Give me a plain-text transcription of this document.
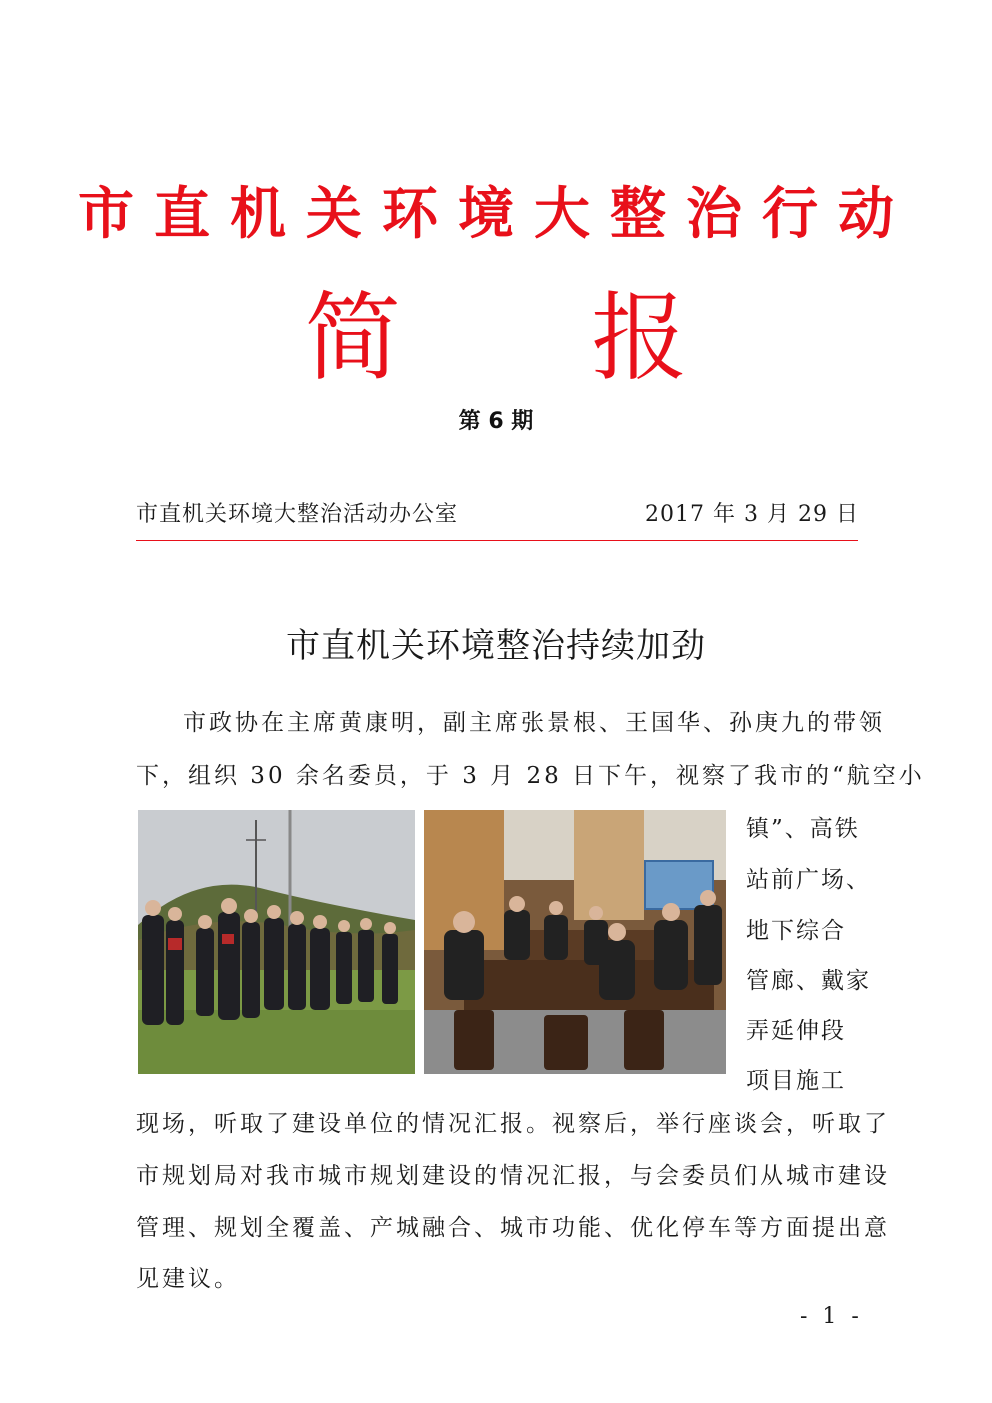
市直机关环境大整治行动
简 报
第 6 期
市直机关环境大整治活动办公室	2017 年 3 月 29 日
市直机关环境整治持续加劲
市政协在主席黄康明，副主席张景根、王国华、孙庚九的带领
下，组织 30 余名委员，于 3 月 28 日下午，视察了我市的“航空小
镇”、高铁
站前广场、
地下综合
管廊、戴家
弄延伸段
项目施工
现场，听取了建设单位的情况汇报。视察后，举行座谈会，听取了
市规划局对我市城市规划建设的情况汇报，与会委员们从城市建设
管理、规划全覆盖、产城融合、城市功能、优化停车等方面提出意
见建议。
- 1 -
